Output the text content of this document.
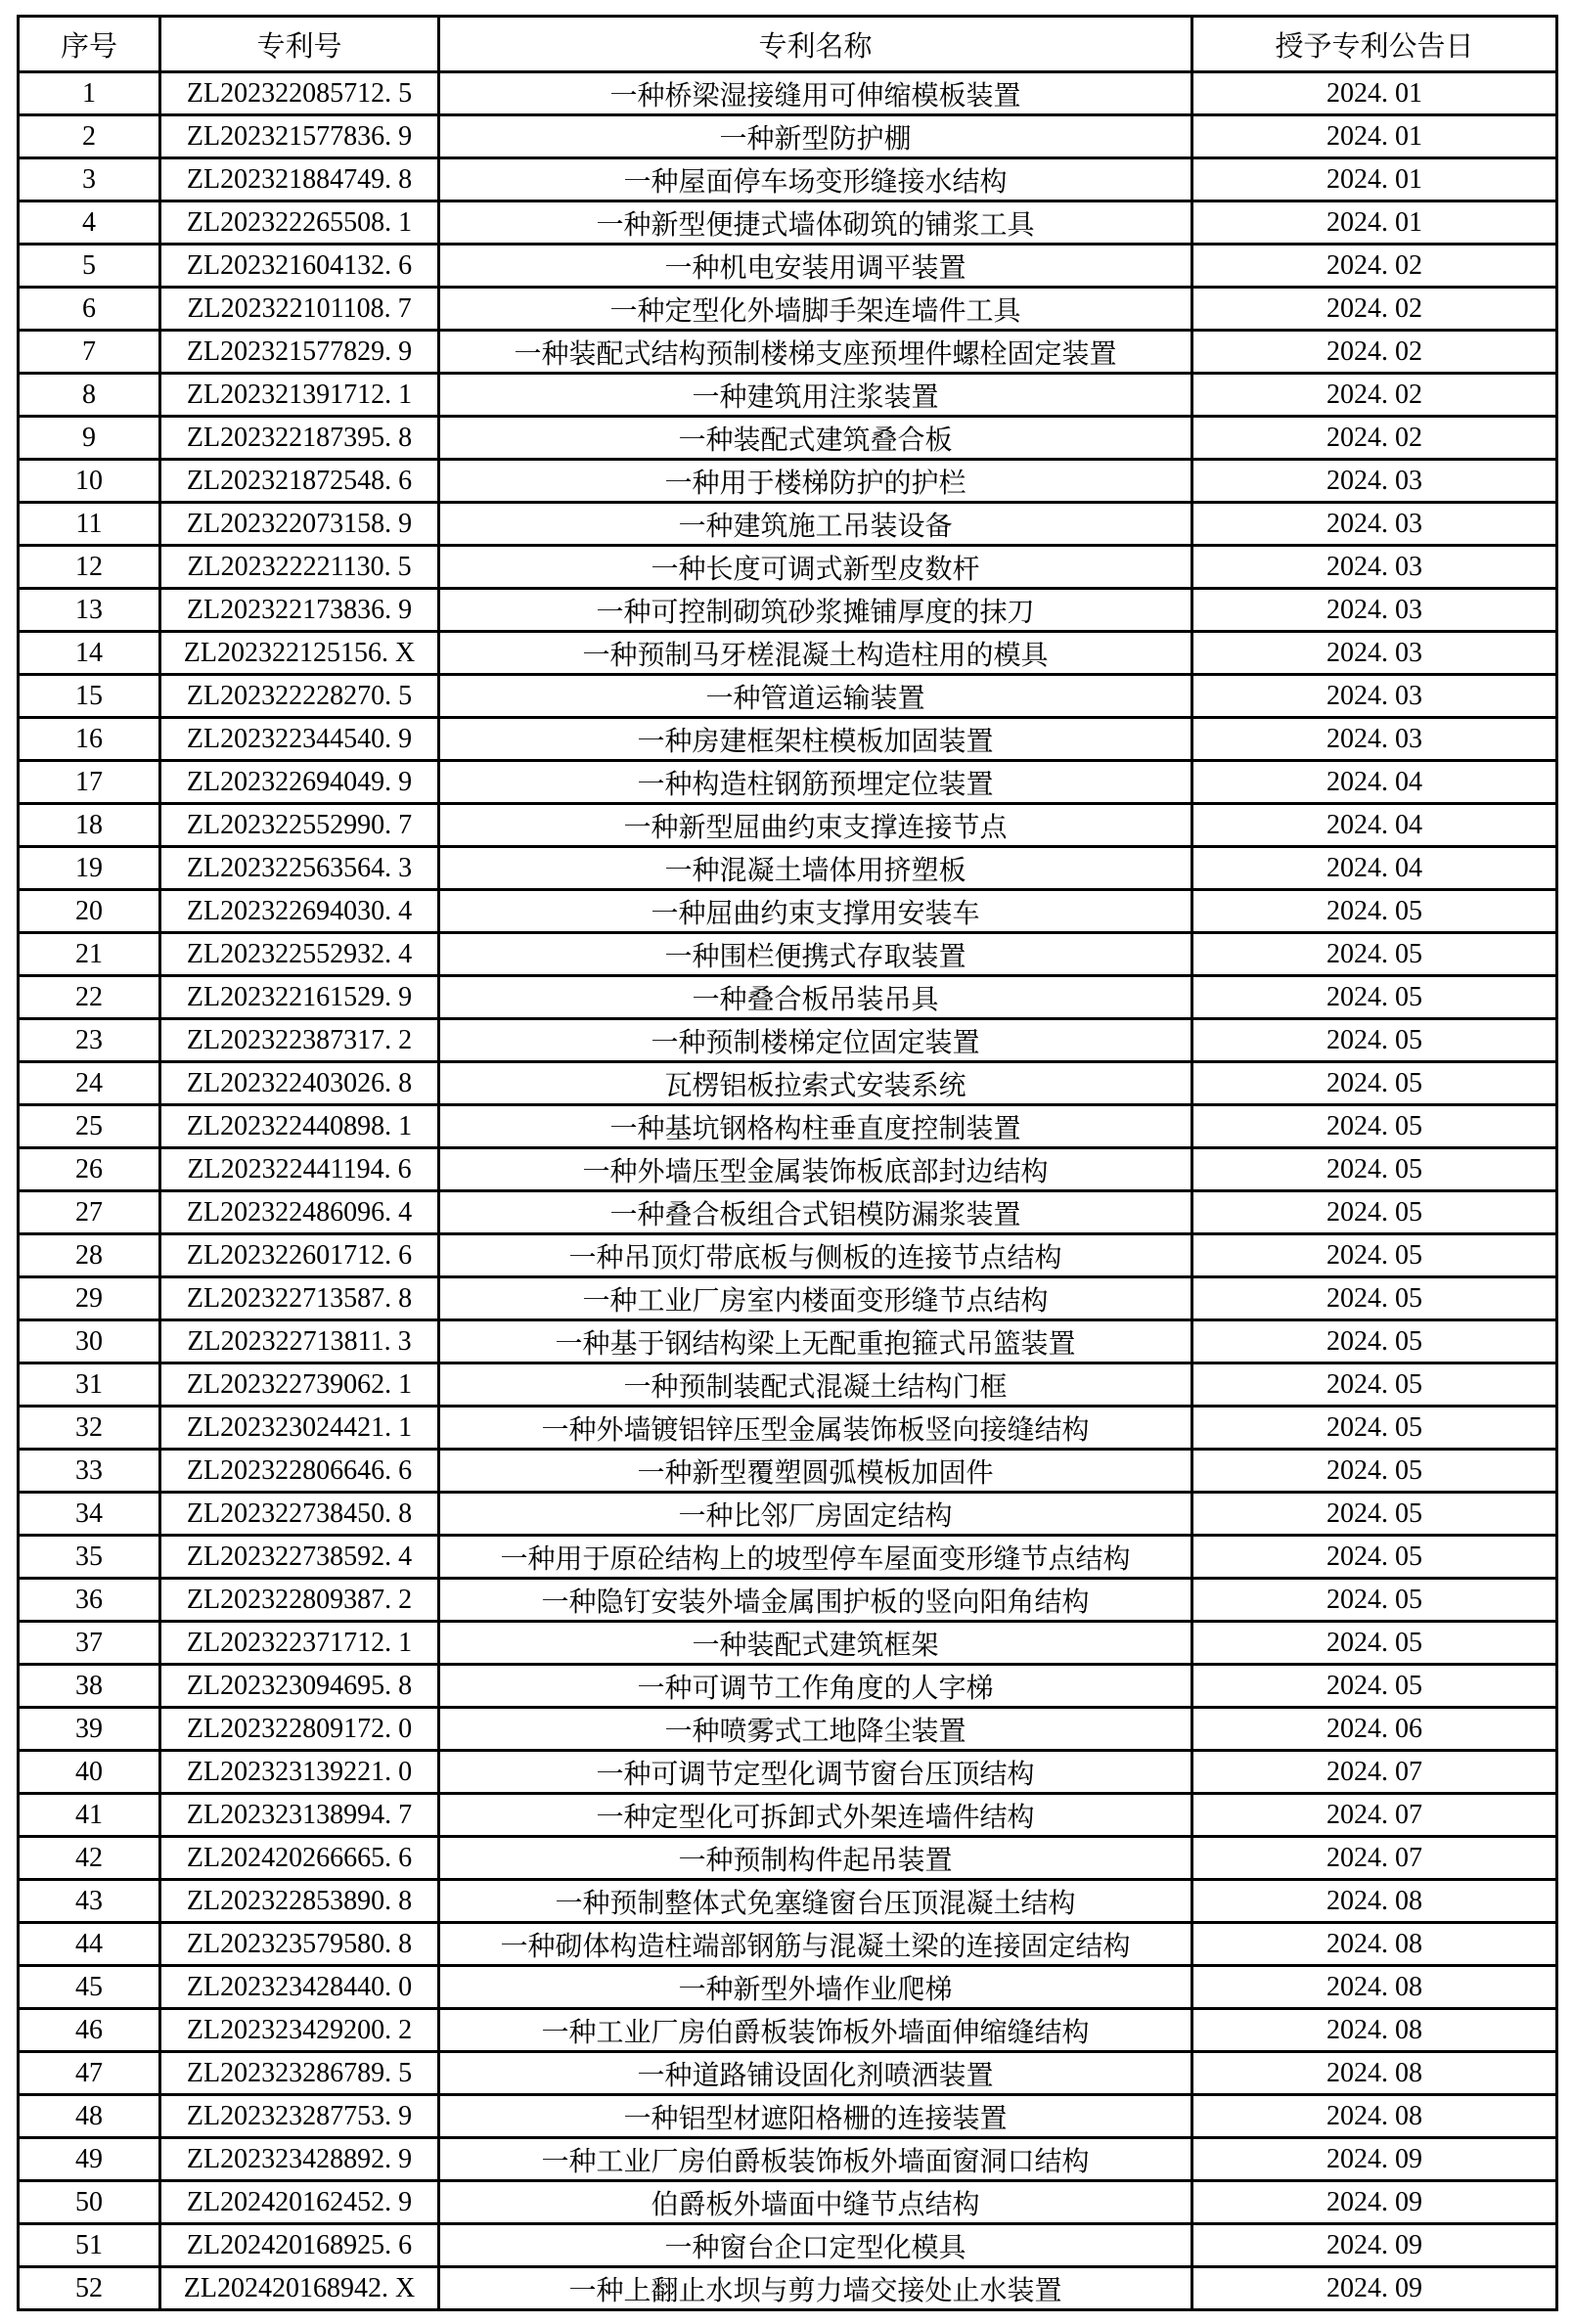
序号	专利号	专利名称	授予专利公告日
1	ZL202322085712. 5	一种桥梁湿接缝用可伸缩模板装置	2024. 01
2	ZL202321577836. 9	一种新型防护棚	2024. 01
3	ZL202321884749. 8	一种屋面停车场变形缝接水结构	2024. 01
4	ZL202322265508. 1	一种新型便捷式墙体砌筑的铺浆工具	2024. 01
5	ZL202321604132. 6	一种机电安装用调平装置	2024. 02
6	ZL202322101108. 7	一种定型化外墙脚手架连墙件工具	2024. 02
7	ZL202321577829. 9	一种装配式结构预制楼梯支座预埋件螺栓固定装置	2024. 02
8	ZL202321391712. 1	一种建筑用注浆装置	2024. 02
9	ZL202322187395. 8	一种装配式建筑叠合板	2024. 02
10	ZL202321872548. 6	一种用于楼梯防护的护栏	2024. 03
11	ZL202322073158. 9	一种建筑施工吊装设备	2024. 03
12	ZL202322221130. 5	一种长度可调式新型皮数杆	2024. 03
13	ZL202322173836. 9	一种可控制砌筑砂浆摊铺厚度的抹刀	2024. 03
14	ZL202322125156. X	一种预制马牙槎混凝土构造柱用的模具	2024. 03
15	ZL202322228270. 5	一种管道运输装置	2024. 03
16	ZL202322344540. 9	一种房建框架柱模板加固装置	2024. 03
17	ZL202322694049. 9	一种构造柱钢筋预埋定位装置	2024. 04
18	ZL202322552990. 7	一种新型屈曲约束支撑连接节点	2024. 04
19	ZL202322563564. 3	一种混凝土墙体用挤塑板	2024. 04
20	ZL202322694030. 4	一种屈曲约束支撑用安装车	2024. 05
21	ZL202322552932. 4	一种围栏便携式存取装置	2024. 05
22	ZL202322161529. 9	一种叠合板吊装吊具	2024. 05
23	ZL202322387317. 2	一种预制楼梯定位固定装置	2024. 05
24	ZL202322403026. 8	瓦楞铝板拉索式安装系统	2024. 05
25	ZL202322440898. 1	一种基坑钢格构柱垂直度控制装置	2024. 05
26	ZL202322441194. 6	一种外墙压型金属装饰板底部封边结构	2024. 05
27	ZL202322486096. 4	一种叠合板组合式铝模防漏浆装置	2024. 05
28	ZL202322601712. 6	一种吊顶灯带底板与侧板的连接节点结构	2024. 05
29	ZL202322713587. 8	一种工业厂房室内楼面变形缝节点结构	2024. 05
30	ZL202322713811. 3	一种基于钢结构梁上无配重抱箍式吊篮装置	2024. 05
31	ZL202322739062. 1	一种预制装配式混凝土结构门框	2024. 05
32	ZL202323024421. 1	一种外墙镀铝锌压型金属装饰板竖向接缝结构	2024. 05
33	ZL202322806646. 6	一种新型覆塑圆弧模板加固件	2024. 05
34	ZL202322738450. 8	一种比邻厂房固定结构	2024. 05
35	ZL202322738592. 4	一种用于原砼结构上的坡型停车屋面变形缝节点结构	2024. 05
36	ZL202322809387. 2	一种隐钉安装外墙金属围护板的竖向阳角结构	2024. 05
37	ZL202322371712. 1	一种装配式建筑框架	2024. 05
38	ZL202323094695. 8	一种可调节工作角度的人字梯	2024. 05
39	ZL202322809172. 0	一种喷雾式工地降尘装置	2024. 06
40	ZL202323139221. 0	一种可调节定型化调节窗台压顶结构	2024. 07
41	ZL202323138994. 7	一种定型化可拆卸式外架连墙件结构	2024. 07
42	ZL202420266665. 6	一种预制构件起吊装置	2024. 07
43	ZL202322853890. 8	一种预制整体式免塞缝窗台压顶混凝土结构	2024. 08
44	ZL202323579580. 8	一种砌体构造柱端部钢筋与混凝土梁的连接固定结构	2024. 08
45	ZL202323428440. 0	一种新型外墙作业爬梯	2024. 08
46	ZL202323429200. 2	一种工业厂房伯爵板装饰板外墙面伸缩缝结构	2024. 08
47	ZL202323286789. 5	一种道路铺设固化剂喷洒装置	2024. 08
48	ZL202323287753. 9	一种铝型材遮阳格栅的连接装置	2024. 08
49	ZL202323428892. 9	一种工业厂房伯爵板装饰板外墙面窗洞口结构	2024. 09
50	ZL202420162452. 9	伯爵板外墙面中缝节点结构	2024. 09
51	ZL202420168925. 6	一种窗台企口定型化模具	2024. 09
52	ZL202420168942. X	一种上翻止水坝与剪力墙交接处止水装置	2024. 09
